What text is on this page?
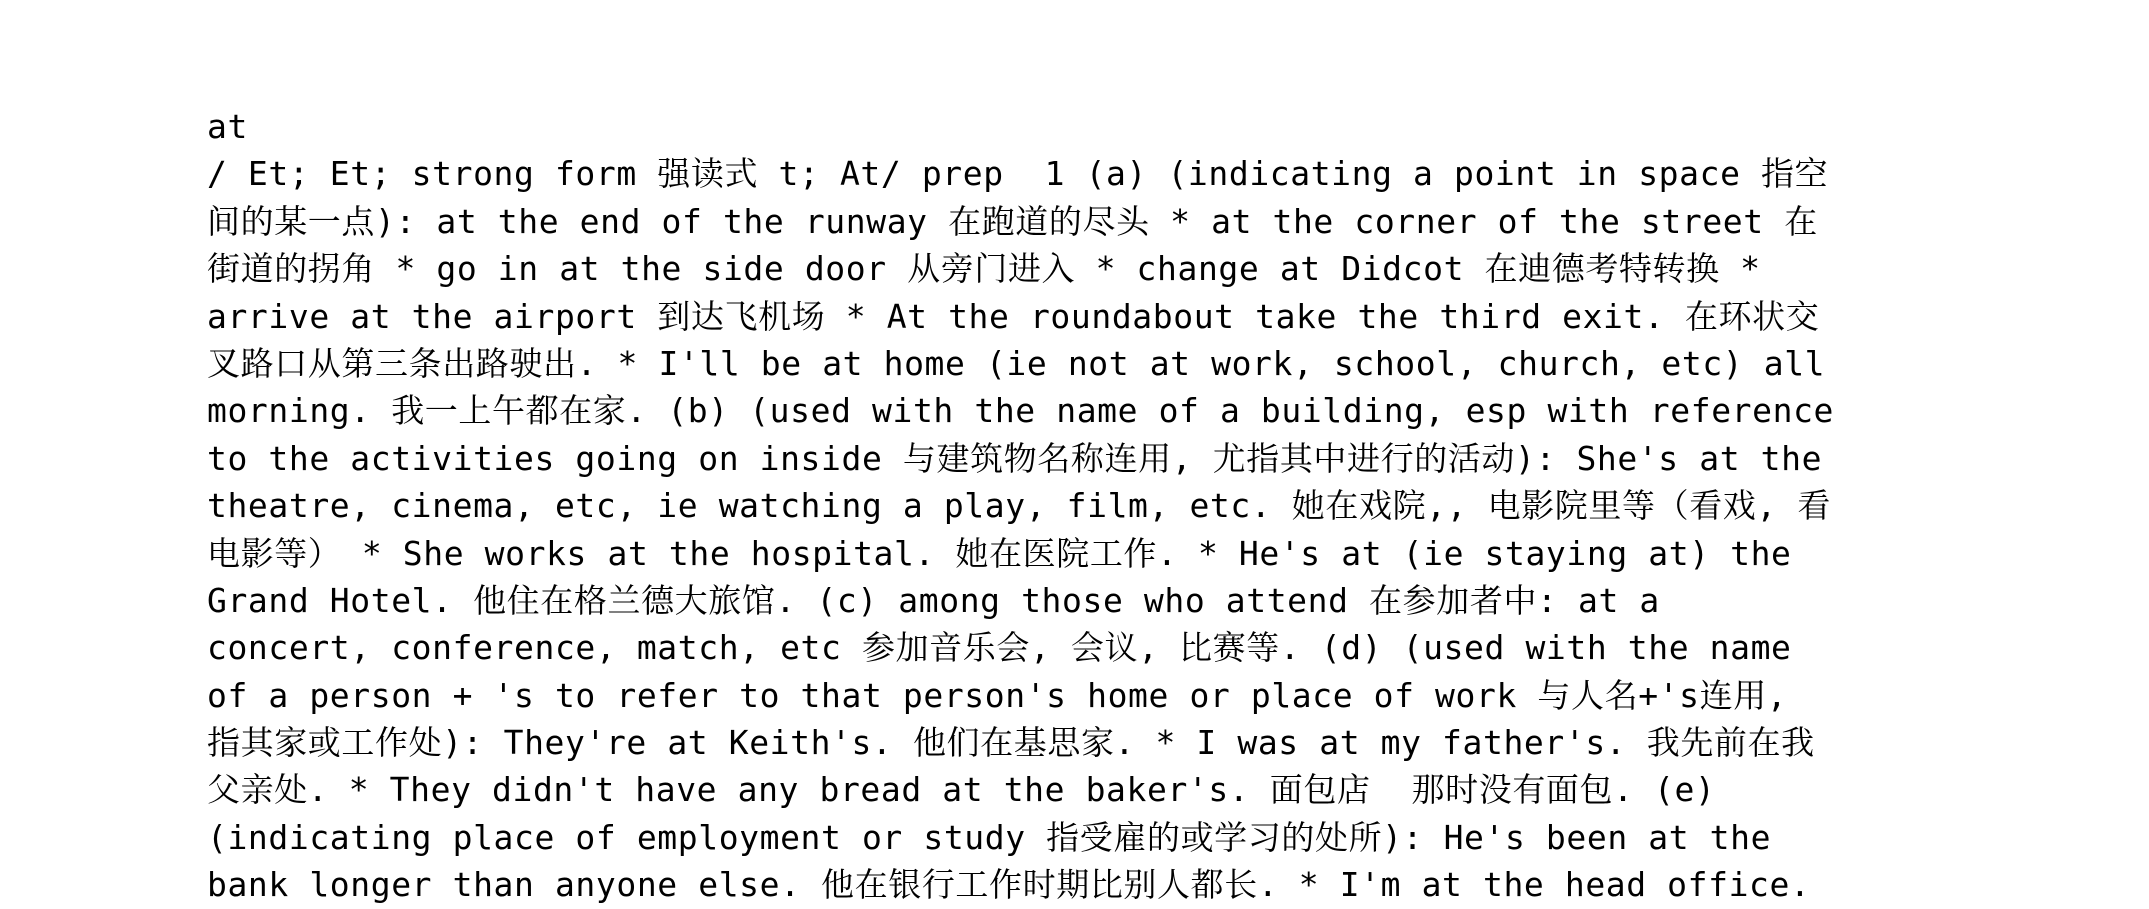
at
/ Et; Et; strong form 强读式 t; At/ prep  1 (a) (indicating a point in space 指空
间的某一点): at the end of the runway 在跑道的尽头 * at the corner of the street 在
街道的拐角 * go in at the side door 从旁门进入 * change at Didcot 在迪德考特转换 *
arrive at the airport 到达飞机场 * At the roundabout take the third exit. 在环状交
叉路口从第三条出路驶出. * I'll be at home (ie not at work, school, church, etc) all
morning. 我一上午都在家. (b) (used with the name of a building, esp with reference
to the activities going on inside 与建筑物名称连用, 尤指其中进行的活动): She's at the
theatre, cinema, etc, ie watching a play, film, etc. 她在戏院,, 电影院里等（看戏, 看
电影等） * She works at the hospital. 她在医院工作. * He's at (ie staying at) the
Grand Hotel. 他住在格兰德大旅馆. (c) among those who attend 在参加者中: at a
concert, conference, match, etc 参加音乐会, 会议, 比赛等. (d) (used with the name
of a person + 's to refer to that person's home or place of work 与人名+'s连用,
指其家或工作处): They're at Keith's. 他们在基思家. * I was at my father's. 我先前在我
父亲处. * They didn't have any bread at the baker's. 面包店  那时没有面包. (e)
(indicating place of employment or study 指受雇的或学习的处所): He's been at the
bank longer than anyone else. 他在银行工作时期比别人都长. * I'm at the head office.
